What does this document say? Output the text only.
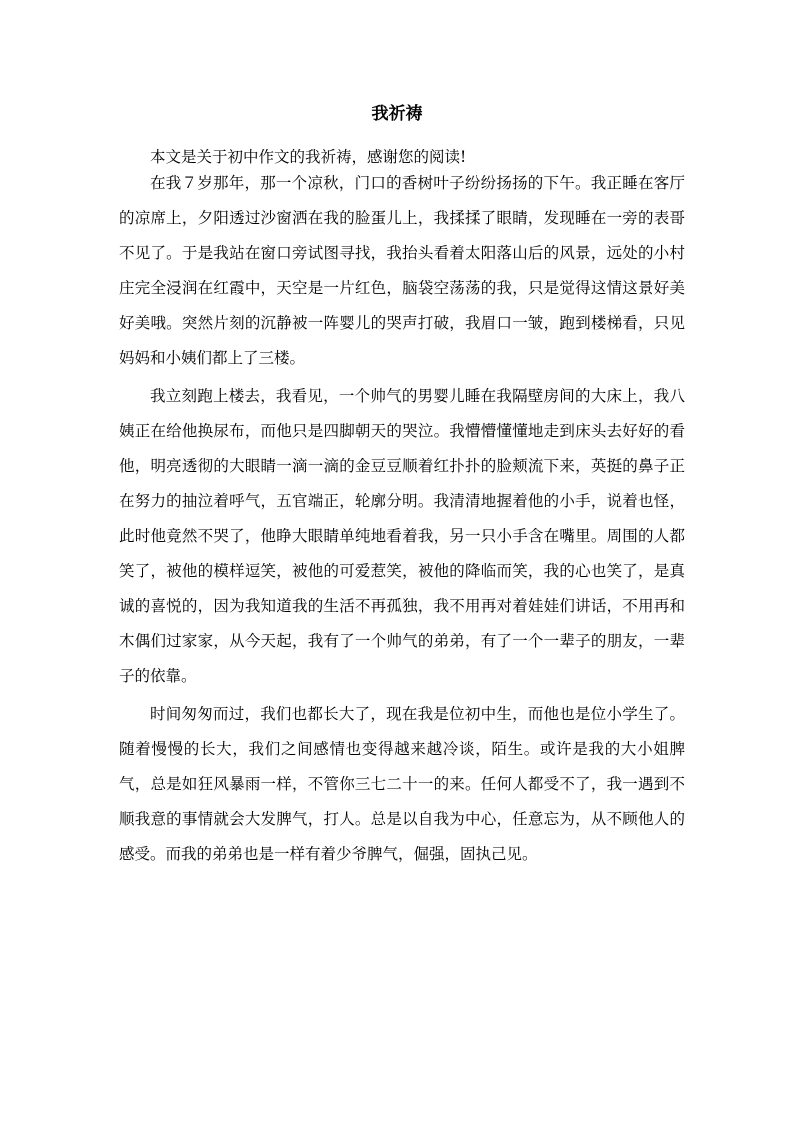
我祈祷
本文是关于初中作文的我祈祷，感谢您的阅读!

在我７岁那年，那一个凉秋，门口的香树叶子纷纷扬扬的下午。我正睡在客厅的凉席上，夕阳透过沙窗洒在我的脸蛋儿上，我揉揉了眼睛，发现睡在一旁的表哥不见了。于是我站在窗口旁试图寻找，我抬头看着太阳落山后的风景，远处的小村庄完全浸润在红霞中，天空是一片红色，脑袋空荡荡的我，只是觉得这情这景好美好美哦。突然片刻的沉静被一阵婴儿的哭声打破，我眉口一皱，跑到楼梯看，只见妈妈和小姨们都上了三楼。

我立刻跑上楼去，我看见，一个帅气的男婴儿睡在我隔壁房间的大床上，我八姨正在给他换尿布，而他只是四脚朝天的哭泣。我懵懵懂懂地走到床头去好好的看他，明亮透彻的大眼睛一滴一滴的金豆豆顺着红扑扑的脸颊流下来，英挺的鼻子正在努力的抽泣着呼气，五官端正，轮廓分明。我清清地握着他的小手，说着也怪，此时他竟然不哭了，他睁大眼睛单纯地看着我，另一只小手含在嘴里。周围的人都笑了，被他的模样逗笑，被他的可爱惹笑，被他的降临而笑，我的心也笑了，是真诚的喜悦的，因为我知道我的生活不再孤独，我不用再对着娃娃们讲话，不用再和木偶们过家家，从今天起，我有了一个帅气的弟弟，有了一个一辈子的朋友，一辈子的依靠。

时间匆匆而过，我们也都长大了，现在我是位初中生，而他也是位小学生了。随着慢慢的长大，我们之间感情也变得越来越冷谈，陌生。或许是我的大小姐脾气，总是如狂风暴雨一样，不管你三七二十一的来。任何人都受不了，我一遇到不顺我意的事情就会大发脾气，打人。总是以自我为中心，任意忘为，从不顾他人的感受。而我的弟弟也是一样有着少爷脾气，倔强，固执己见。
